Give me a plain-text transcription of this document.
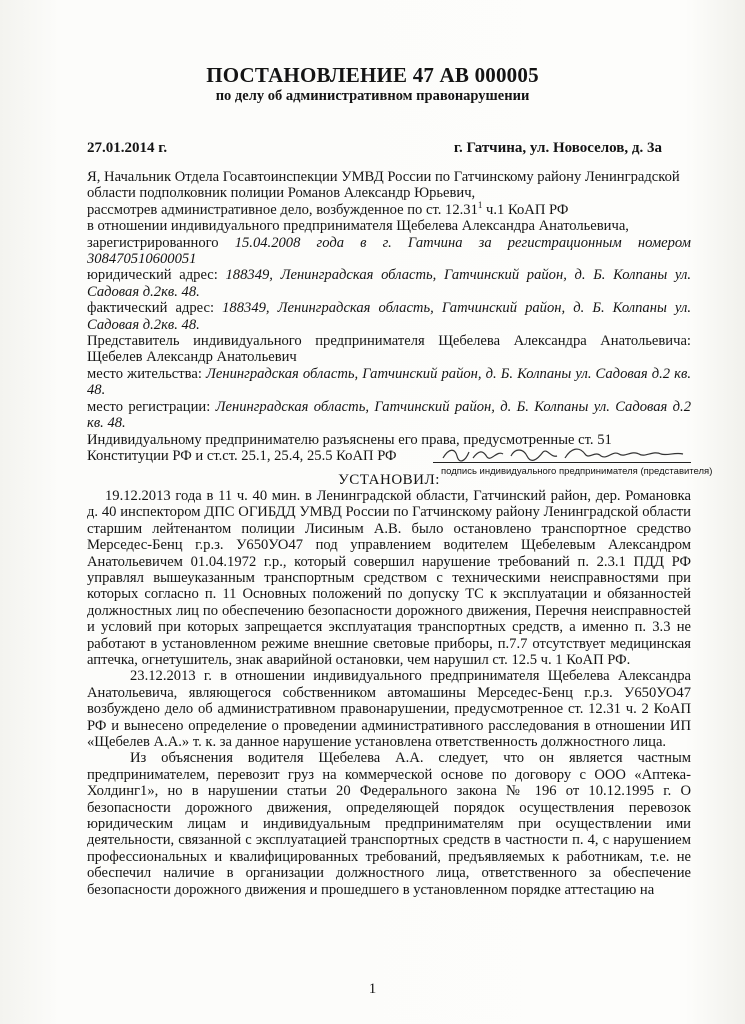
ПОСТАНОВЛЕНИЕ 47 АВ 000005
по делу об административном правонарушении
27.01.2014 г.	г. Гатчина, ул. Новоселов, д. 3а

Я, Начальник Отдела Госавтоинспекции УМВД России по Гатчинскому району Ленинградской

области подполковник полиции Романов Александр Юрьевич,

рассмотрев административное дело, возбужденное по ст. 12.31$^1$ ч.1 КоАП РФ

в отношении индивидуального предпринимателя Щебелева Александра Анатольевича,

зарегистрированного 15.04.2008 года в г. Гатчина за регистрационным номером 308470510600051

юридический адрес: 188349, Ленинградская область, Гатчинский район, д. Б. Колпаны ул. Садовая д.2кв. 48.

фактический адрес: 188349, Ленинградская область, Гатчинский район, д. Б. Колпаны ул. Садовая д.2кв. 48.

Представитель индивидуального предпринимателя Щебелева Александра Анатольевича: Щебелев Александр Анатольевич

место жительства: Ленинградская область, Гатчинский район, д. Б. Колпаны ул. Садовая д.2 кв. 48.

место регистрации: Ленинградская область, Гатчинский район, д. Б. Колпаны ул. Садовая д.2 кв. 48.

Индивидуальному предпринимателю разъяснены его права, предусмотренные ст. 51

Конституции РФ и ст.ст. 25.1, 25.4, 25.5 КоАП РФ

подпись индивидуального предпринимателя (представителя)

УСТАНОВИЛ:

19.12.2013 года в 11 ч. 40 мин. в Ленинградской области, Гатчинский район, дер. Романовка д. 40 инспектором ДПС ОГИБДД УМВД России по Гатчинскому району Ленинградской области старшим лейтенантом полиции Лисиным А.В. было остановлено транспортное средство Мерседес-Бенц г.р.з. У650УО47 под управлением водителем Щебелевым Александром Анатольевичем 01.04.1972 г.р., который совершил нарушение требований п. 2.3.1 ПДД РФ управлял вышеуказанным транспортным средством с техническими неисправностями при которых согласно п. 11 Основных положений по допуску ТС к эксплуатации и обязанностей должностных лиц по обеспечению безопасности дорожного движения, Перечня неисправностей и условий при которых запрещается эксплуатация транспортных средств, а именно п. 3.3 не работают в установленном режиме внешние световые приборы, п.7.7 отсутствует медицинская аптечка, огнетушитель, знак аварийной остановки, чем нарушил ст. 12.5 ч. 1 КоАП РФ.

23.12.2013 г. в отношении индивидуального предпринимателя Щебелева Александра Анатольевича, являющегося собственником автомашины Мерседес-Бенц г.р.з. У650УО47 возбуждено дело об административном правонарушении, предусмотренное ст. 12.31 ч. 2 КоАП РФ и вынесено определение о проведении административного расследования в отношении ИП «Щебелев А.А.» т. к. за данное нарушение установлена ответственность должностного лица.

Из объяснения водителя Щебелева А.А. следует, что он является частным предпринимателем, перевозит груз на коммерческой основе по договору с ООО «Аптека-Холдинг1», но в нарушении статьи 20 Федерального закона № 196 от 10.12.1995 г. О безопасности дорожного движения, определяющей порядок осуществления перевозок юридическим лицам и индивидуальным предпринимателям при осуществлении ими деятельности, связанной с эксплуатацией транспортных средств в частности п. 4, с нарушением профессиональных и квалифицированных требований, предъявляемых к работникам, т.е. не обеспечил наличие в организации должностного лица, ответственного за обеспечение безопасности дорожного движения и прошедшего в установленном порядке аттестацию на

1
